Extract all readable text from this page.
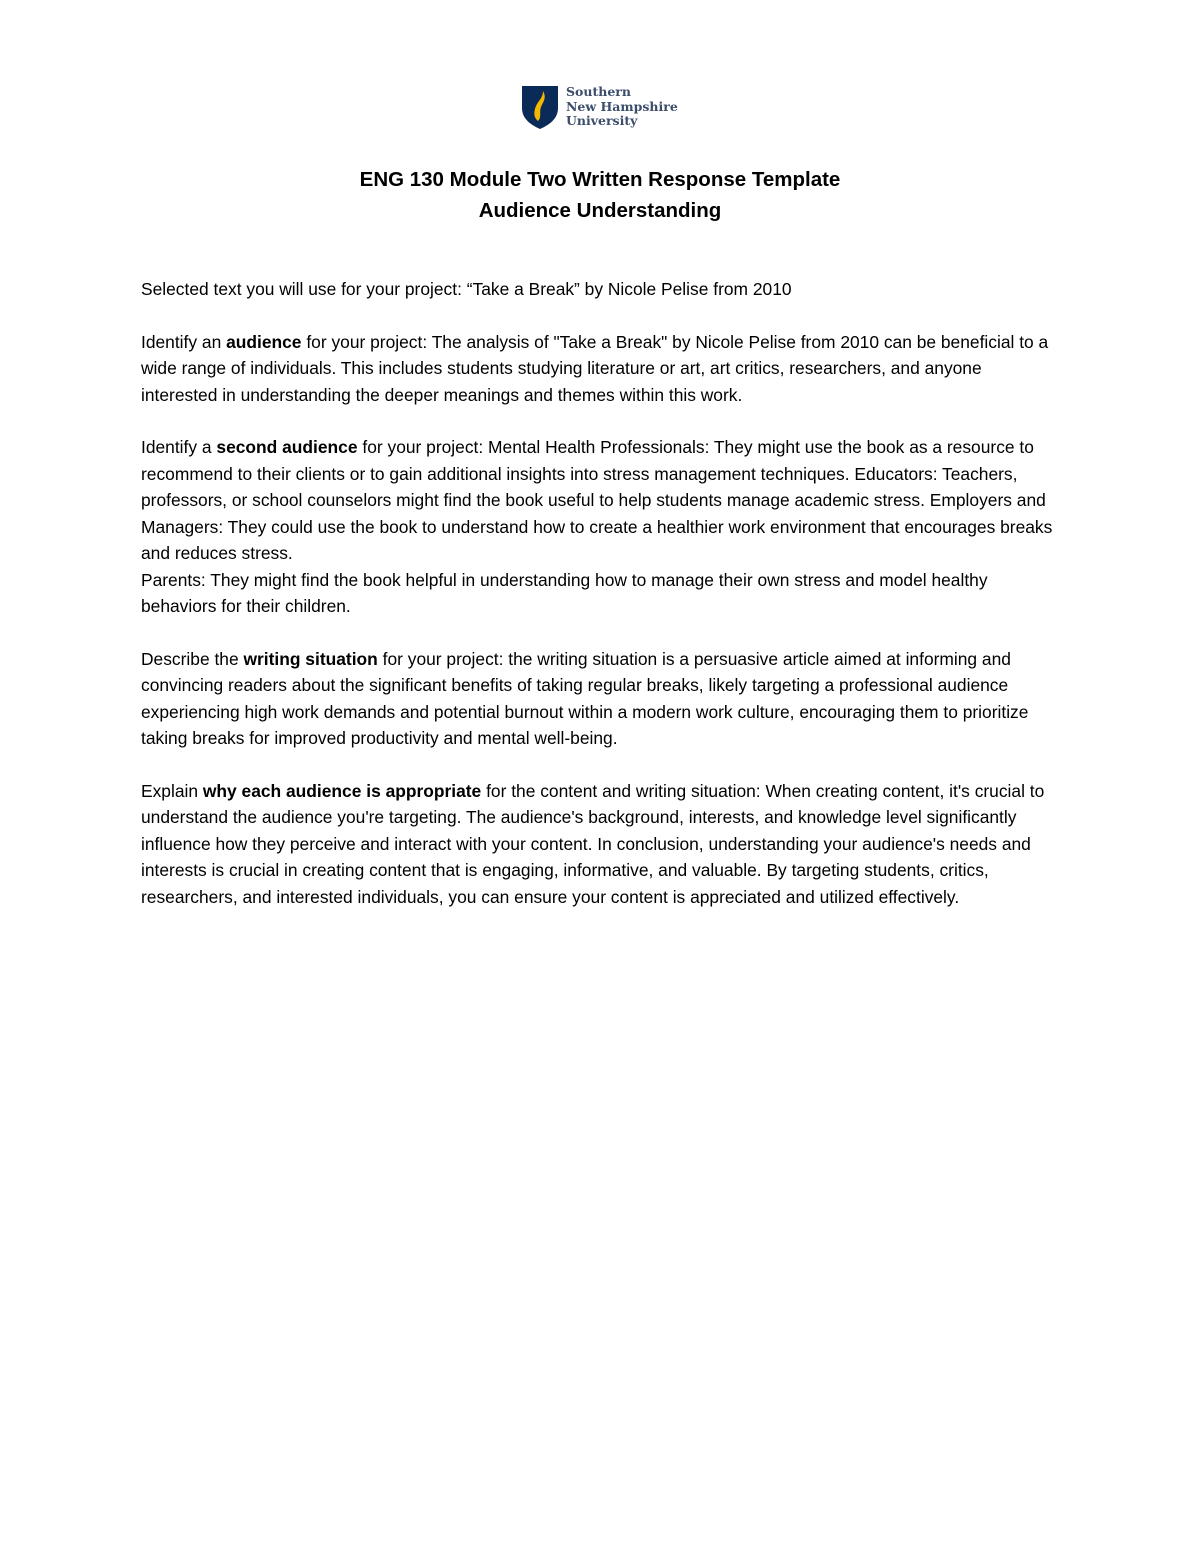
Southern
New Hampshire
University
ENG 130 Module Two Written Response Template
Audience Understanding

Selected text you will use for your project: “Take a Break” by Nicole Pelise from 2010

Identify an audience for your project: The analysis of "Take a Break" by Nicole Pelise from 2010 can be beneficial to a wide range of individuals. This includes students studying literature or art, art critics, researchers, and anyone interested in understanding the deeper meanings and themes within this work.

Identify a second audience for your project: Mental Health Professionals: They might use the book as a resource to recommend to their clients or to gain additional insights into stress management techniques. Educators: Teachers, professors, or school counselors might find the book useful to help students manage academic stress. Employers and Managers: They could use the book to understand how to create a healthier work environment that encourages breaks and reduces stress.
Parents: They might find the book helpful in understanding how to manage their own stress and model healthy behaviors for their children.

Describe the writing situation for your project: the writing situation is a persuasive article aimed at informing and convincing readers about the significant benefits of taking regular breaks, likely targeting a professional audience experiencing high work demands and potential burnout within a modern work culture, encouraging them to prioritize taking breaks for improved productivity and mental well-being.

Explain why each audience is appropriate for the content and writing situation: When creating content, it's crucial to understand the audience you're targeting. The audience's background, interests, and knowledge level significantly influence how they perceive and interact with your content. In conclusion, understanding your audience's needs and interests is crucial in creating content that is engaging, informative, and valuable. By targeting students, critics, researchers, and interested individuals, you can ensure your content is appreciated and utilized effectively.
